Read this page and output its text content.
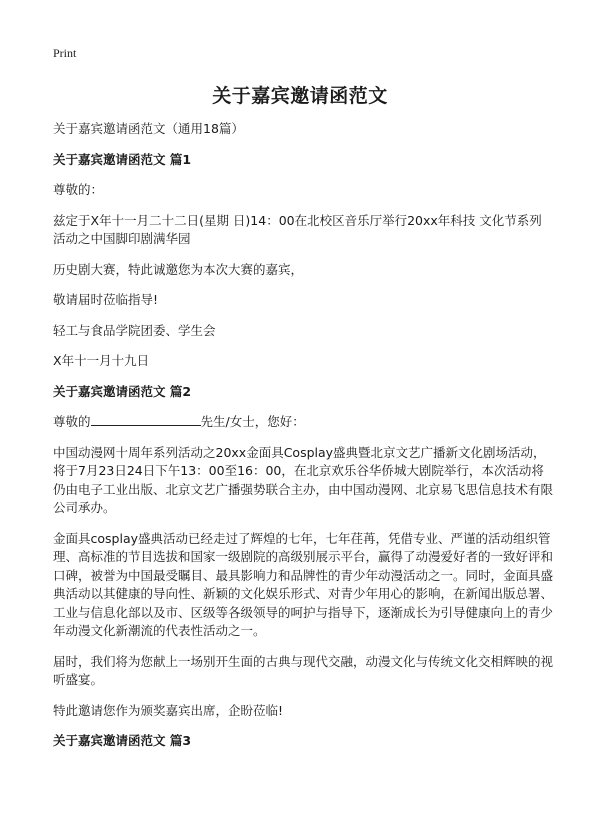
Print
关于嘉宾邀请函范文

关于嘉宾邀请函范文（通用18篇）

关于嘉宾邀请函范文 篇1

尊敬的：

兹定于X年十一月二十二日(星期 日)14：00在北校区音乐厅举行20xx年科技 文化节系列活动之中国脚印剧满华园

历史剧大赛，特此诚邀您为本次大赛的嘉宾，

敬请届时莅临指导!

轻工与食品学院团委、学生会

X年十一月十九日

关于嘉宾邀请函范文 篇2

尊敬的	先生/女士，您好：

中国动漫网十周年系列活动之20xx金面具Cosplay盛典暨北京文艺广播新文化剧场活动，将于7月23日24日下午13：00至16：00，在北京欢乐谷华侨城大剧院举行，本次活动将仍由电子工业出版、北京文艺广播强势联合主办，由中国动漫网、北京易飞思信息技术有限公司承办。

金面具cosplay盛典活动已经走过了辉煌的七年，七年荏苒，凭借专业、严谨的活动组织管理、高标准的节目选拔和国家一级剧院的高级别展示平台，赢得了动漫爱好者的一致好评和口碑，被誉为中国最受瞩目、最具影响力和品牌性的青少年动漫活动之一。同时，金面具盛典活动以其健康的导向性、新颖的文化娱乐形式、对青少年用心的影响，在新闻出版总署、工业与信息化部以及市、区级等各级领导的呵护与指导下，逐渐成长为引导健康向上的青少年动漫文化新潮流的代表性活动之一。

届时，我们将为您献上一场别开生面的古典与现代交融，动漫文化与传统文化交相辉映的视听盛宴。

特此邀请您作为颁奖嘉宾出席，企盼莅临!

关于嘉宾邀请函范文 篇3
